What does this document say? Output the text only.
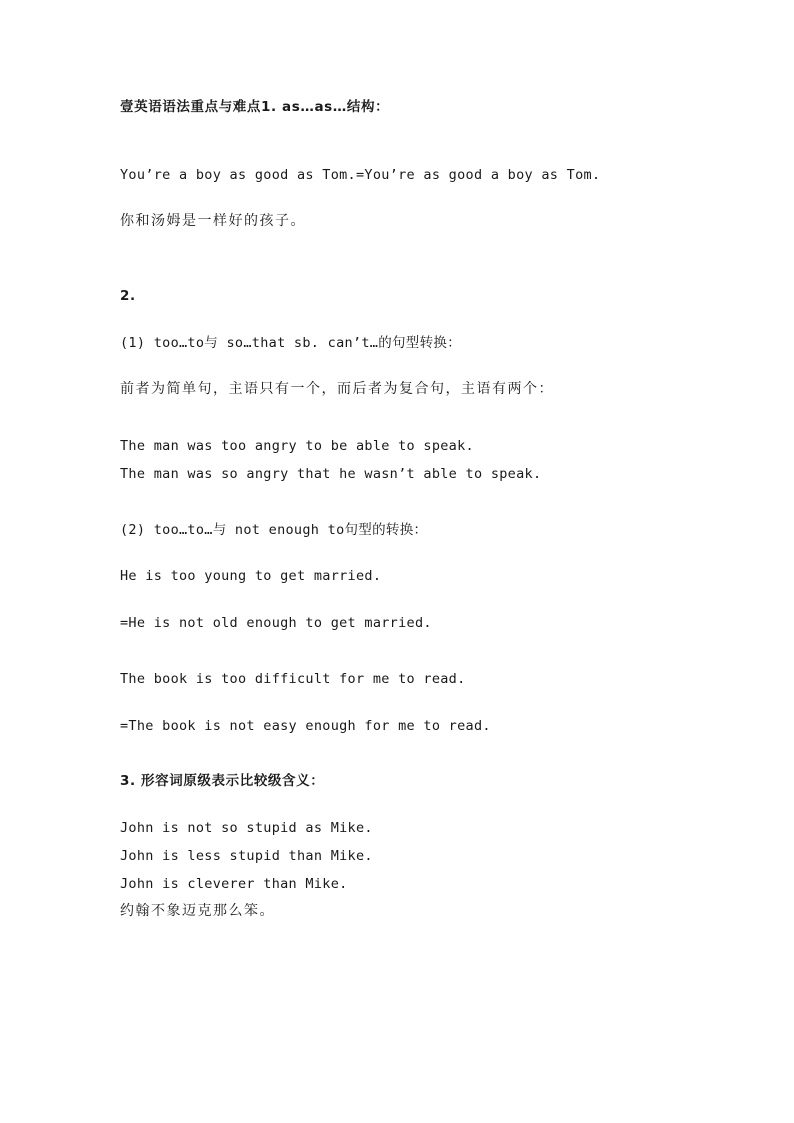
壹英语语法重点与难点1. as…as…结构：
You’re a boy as good as Tom.=You’re as good a boy as Tom.
你和汤姆是一样好的孩子。
2.
(1) too…to与 so…that sb. can’t…的句型转换：
前者为简单句，主语只有一个，而后者为复合句，主语有两个：
The man was too angry to be able to speak.
The man was so angry that he wasn’t able to speak.
(2) too…to…与 not enough to句型的转换：
He is too young to get married.
=He is not old enough to get married.
The book is too difficult for me to read.
=The book is not easy enough for me to read.
3. 形容词原级表示比较级含义：
John is not so stupid as Mike.
John is less stupid than Mike.
John is cleverer than Mike.
约翰不象迈克那么笨。
